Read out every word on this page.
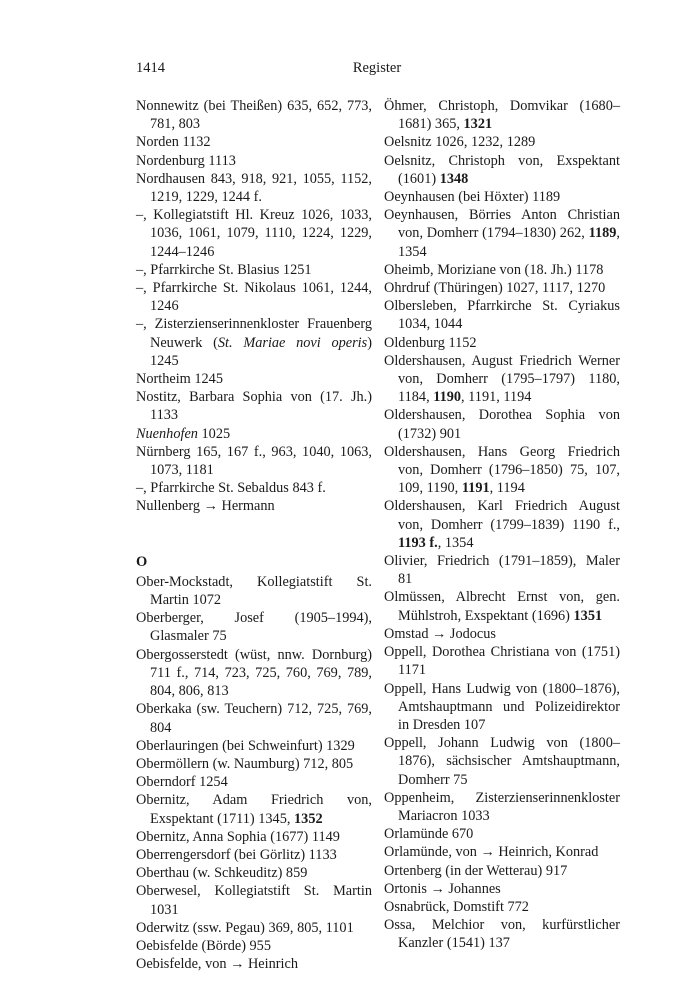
1414	Register

Nonnewitz (bei Theißen) 635, 652, 773, 781, 803

Norden 1132

Nordenburg 1113

Nordhausen 843, 918, 921, 1055, 1152, 1219, 1229, 1244 f.

–, Kollegiatstift Hl. Kreuz 1026, 1033, 1036, 1061, 1079, 1110, 1224, 1229, 1244–1246

–, Pfarrkirche St. Blasius 1251

–, Pfarrkirche St. Nikolaus 1061, 1244, 1246

–, Zisterzienserinnenkloster Frauenberg Neuwerk (St. Mariae novi operis) 1245

Northeim 1245

Nostitz, Barbara Sophia von (17. Jh.) 1133

Nuenhofen 1025

Nürnberg 165, 167 f., 963, 1040, 1063, 1073, 1181

–, Pfarrkirche St. Sebaldus 843 f.

Nullenberg → Hermann

O

Ober-Mockstadt, Kollegiatstift St. Martin 1072

Oberberger, Josef (1905–1994), Glasmaler 75

Obergosserstedt (wüst, nnw. Dornburg) 711 f., 714, 723, 725, 760, 769, 789, 804, 806, 813

Oberkaka (sw. Teuchern) 712, 725, 769, 804

Oberlauringen (bei Schweinfurt) 1329

Obermöllern (w. Naumburg) 712, 805

Oberndorf 1254

Obernitz, Adam Friedrich von, Exspektant (1711) 1345, 1352

Obernitz, Anna Sophia (1677) 1149

Oberrengersdorf (bei Görlitz) 1133

Oberthau (w. Schkeuditz) 859

Oberwesel, Kollegiatstift St. Martin 1031

Oderwitz (ssw. Pegau) 369, 805, 1101

Oebisfelde (Börde) 955

Oebisfelde, von → Heinrich

Öhmer, Christoph, Domvikar (1680–1681) 365, 1321

Oelsnitz 1026, 1232, 1289

Oelsnitz, Christoph von, Exspektant (1601) 1348

Oeynhausen (bei Höxter) 1189

Oeynhausen, Börries Anton Christian von, Domherr (1794–1830) 262, 1189, 1354

Oheimb, Moriziane von (18. Jh.) 1178

Ohrdruf (Thüringen) 1027, 1117, 1270

Olbersleben, Pfarrkirche St. Cyriakus 1034, 1044

Oldenburg 1152

Oldershausen, August Friedrich Werner von, Domherr (1795–1797) 1180, 1184, 1190, 1191, 1194

Oldershausen, Dorothea Sophia von (1732) 901

Oldershausen, Hans Georg Friedrich von, Domherr (1796–1850) 75, 107, 109, 1190, 1191, 1194

Oldershausen, Karl Friedrich August von, Domherr (1799–1839) 1190 f., 1193 f., 1354

Olivier, Friedrich (1791–1859), Maler 81

Olmüssen, Albrecht Ernst von, gen. Mühlstroh, Exspektant (1696) 1351

Omstad → Jodocus

Oppell, Dorothea Christiana von (1751) 1171

Oppell, Hans Ludwig von (1800–1876), Amtshauptmann und Polizeidirektor in Dresden 107

Oppell, Johann Ludwig von (1800–1876), sächsischer Amtshauptmann, Domherr 75

Oppenheim, Zisterzienserinnenkloster Mariacron 1033

Orlamünde 670

Orlamünde, von → Heinrich, Konrad

Ortenberg (in der Wetterau) 917

Ortonis → Johannes

Osnabrück, Domstift 772

Ossa, Melchior von, kurfürstlicher Kanzler (1541) 137
